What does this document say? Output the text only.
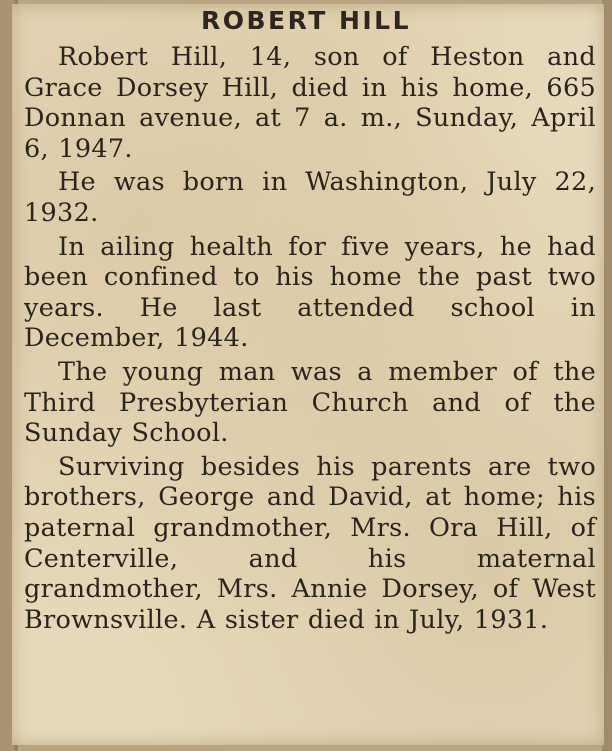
ROBERT HILL

Robert Hill, 14, son of Heston and Grace Dorsey Hill, died in his home, 665 Donnan avenue, at 7 a. m., Sunday, April 6, 1947.

He was born in Washington, July 22, 1932.

In ailing health for five years, he had been confined to his home the past two years. He last attended school in December, 1944.

The young man was a member of the Third Presbyterian Church and of the Sunday School.

Surviving besides his parents are two brothers, George and David, at home; his paternal grandmother, Mrs. Ora Hill, of Centerville, and his maternal grandmother, Mrs. Annie Dorsey, of West Brownsville. A sister died in July, 1931.
